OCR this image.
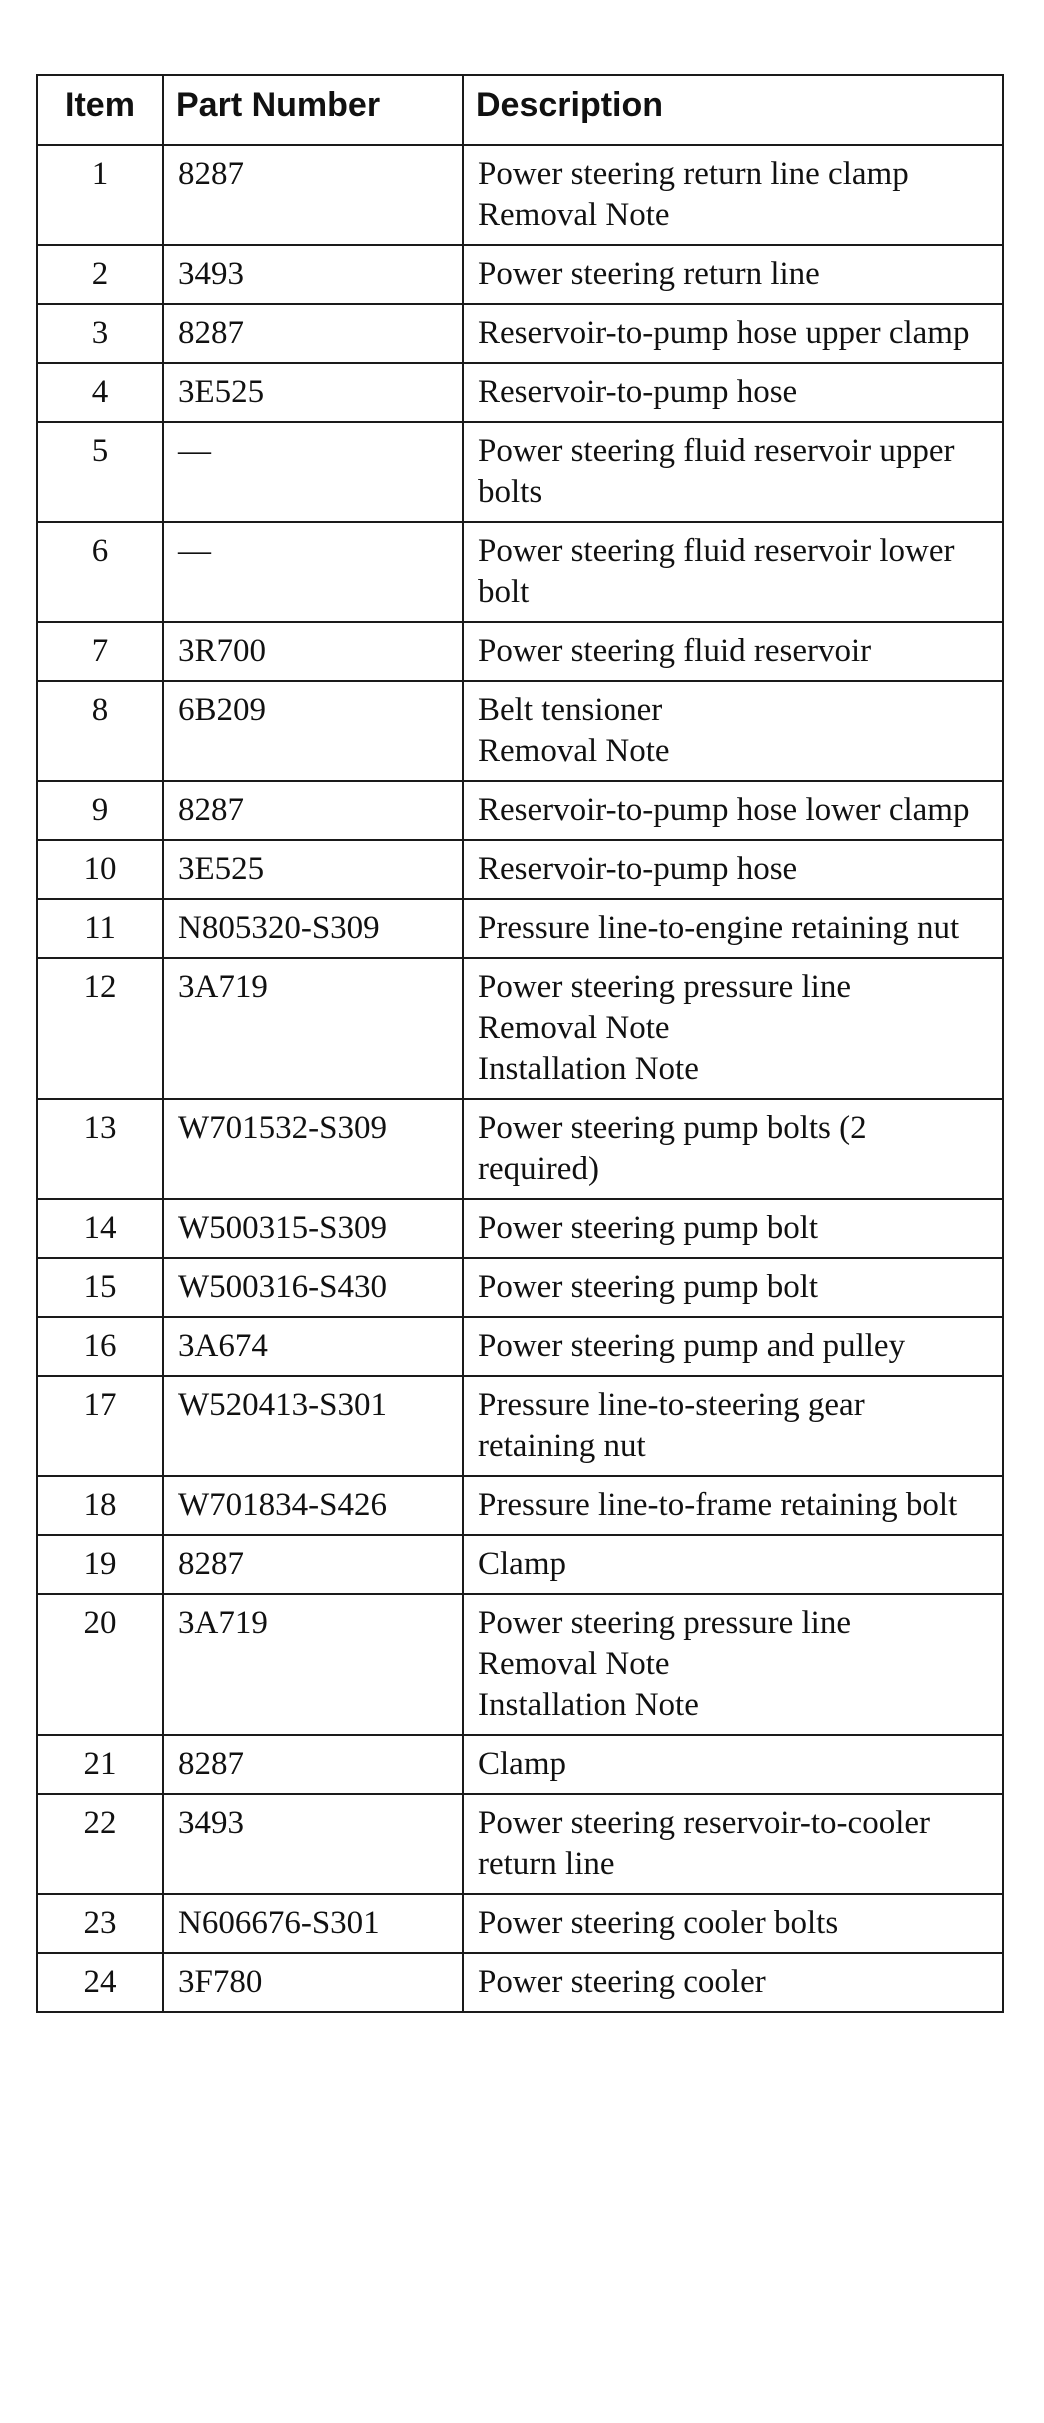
Item	Part Number	Description
1	8287	Power steering return line clamp
Removal Note

2	3493	Power steering return line

3	8287	Reservoir-to-pump hose upper clamp

4	3E525	Reservoir-to-pump hose

5	—	Power steering fluid reservoir upper bolts

6	—	Power steering fluid reservoir lower bolt

7	3R700	Power steering fluid reservoir

8	6B209	Belt tensioner
Removal Note

9	8287	Reservoir-to-pump hose lower clamp

10	3E525	Reservoir-to-pump hose

11	N805320-S309	Pressure line-to-engine retaining nut

12	3A719	Power steering pressure line
Removal Note
Installation Note

13	W701532-S309	Power steering pump bolts (2 required)

14	W500315-S309	Power steering pump bolt

15	W500316-S430	Power steering pump bolt

16	3A674	Power steering pump and pulley

17	W520413-S301	Pressure line-to-steering gear retaining nut

18	W701834-S426	Pressure line-to-frame retaining bolt

19	8287	Clamp

20	3A719	Power steering pressure line
Removal Note
Installation Note

21	8287	Clamp

22	3493	Power steering reservoir-to-cooler return line

23	N606676-S301	Power steering cooler bolts

24	3F780	Power steering cooler
